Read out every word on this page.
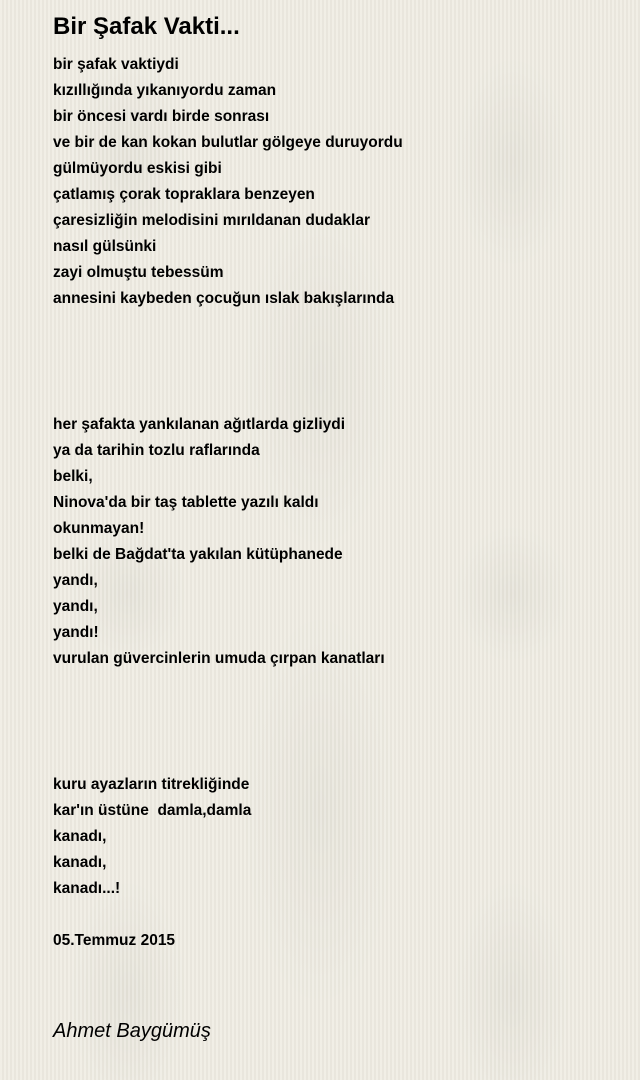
Bir Şafak Vakti...
bir şafak vaktiydi
kızıllığında yıkanıyordu zaman
bir öncesi vardı birde sonrası
ve bir de kan kokan bulutlar gölgeye duruyordu
gülmüyordu eskisi gibi
çatlamış çorak topraklara benzeyen
çaresizliğin melodisini mırıldanan dudaklar
nasıl gülsünki
zayi olmuştu tebessüm
annesini kaybeden çocuğun ıslak bakışlarında
her şafakta yankılanan ağıtlarda gizliydi
ya da tarihin tozlu raflarında
belki,
Ninova'da bir taş tablette yazılı kaldı
okunmayan!
belki de Bağdat'ta yakılan kütüphanede
yandı,
yandı,
yandı!
vurulan güvercinlerin umuda çırpan kanatları
kuru ayazların titrekliğinde
kar'ın üstüne  damla,damla
kanadı,
kanadı,
kanadı...!
05.Temmuz 2015
Ahmet Baygümüş
